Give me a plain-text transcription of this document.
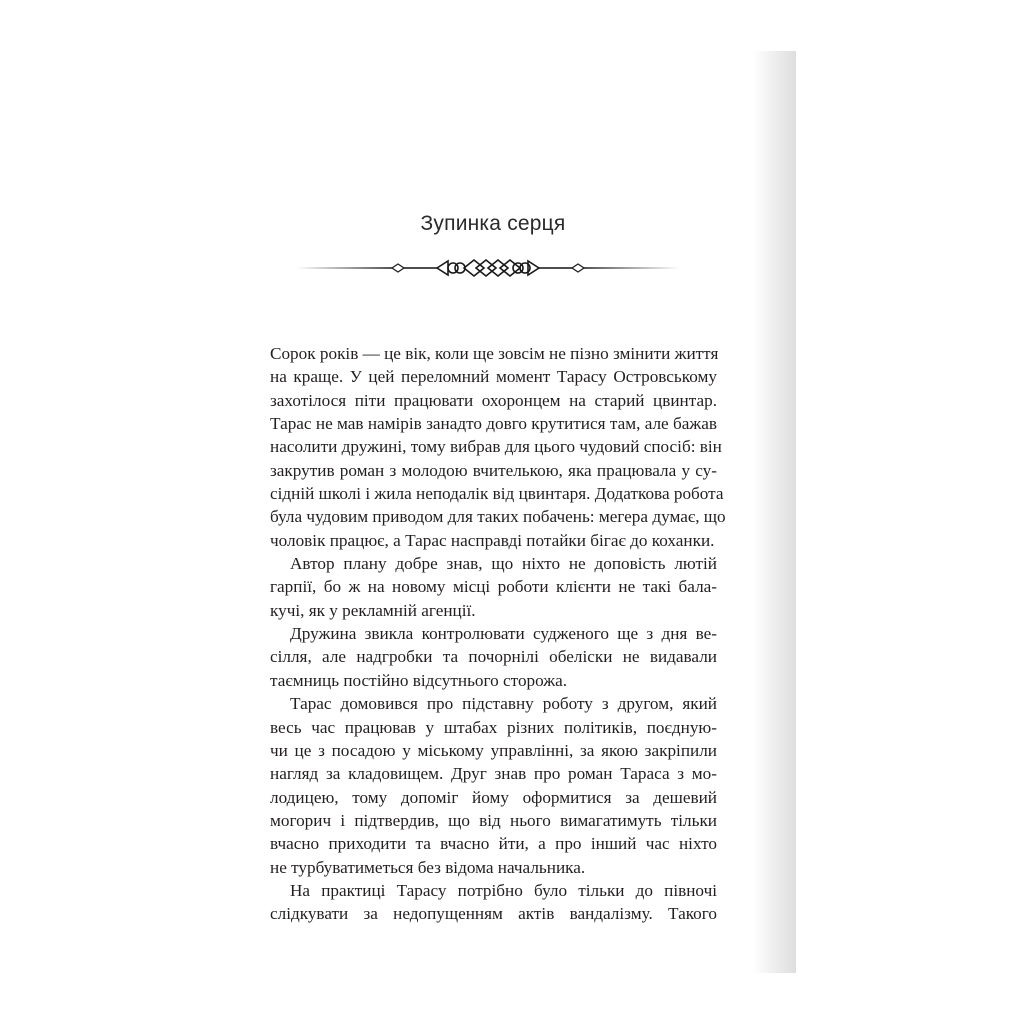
Зупинка серця

Сорок років — це вік, коли ще зовсім не пізно змінити життя
на краще. У цей переломний момент Тарасу Островському
захотілося піти працювати охоронцем на старий цвинтар.
Тарас не мав намірів занадто довго крутитися там, але бажав
насолити дружині, тому вибрав для цього чудовий спосіб: він
закрутив роман з молодою вчителькою, яка працювала у су-
сідній школі і жила неподалік від цвинтаря. Додаткова робота
була чудовим приводом для таких побачень: мегера думає, що
чоловік працює, а Тарас насправді потайки бігає до коханки.

Автор плану добре знав, що ніхто не доповість лютій
гарпії, бо ж на новому місці роботи клієнти не такі бала-
кучі, як у рекламній агенції.

Дружина звикла контролювати судженого ще з дня ве-
сілля, але надгробки та почорнілі обеліски не видавали
таємниць постійно відсутнього сторожа.

Тарас домовився про підставну роботу з другом, який
весь час працював у штабах різних політиків, поєдную-
чи це з посадою у міському управлінні, за якою закріпили
нагляд за кладовищем. Друг знав про роман Тараса з мо-
лодицею, тому допоміг йому оформитися за дешевий
могорич і підтвердив, що від нього вимагатимуть тільки
вчасно приходити та вчасно йти, а про інший час ніхто
не турбуватиметься без відома начальника.

На практиці Тарасу потрібно було тільки до півночі
слідкувати за недопущенням актів вандалізму. Такого
